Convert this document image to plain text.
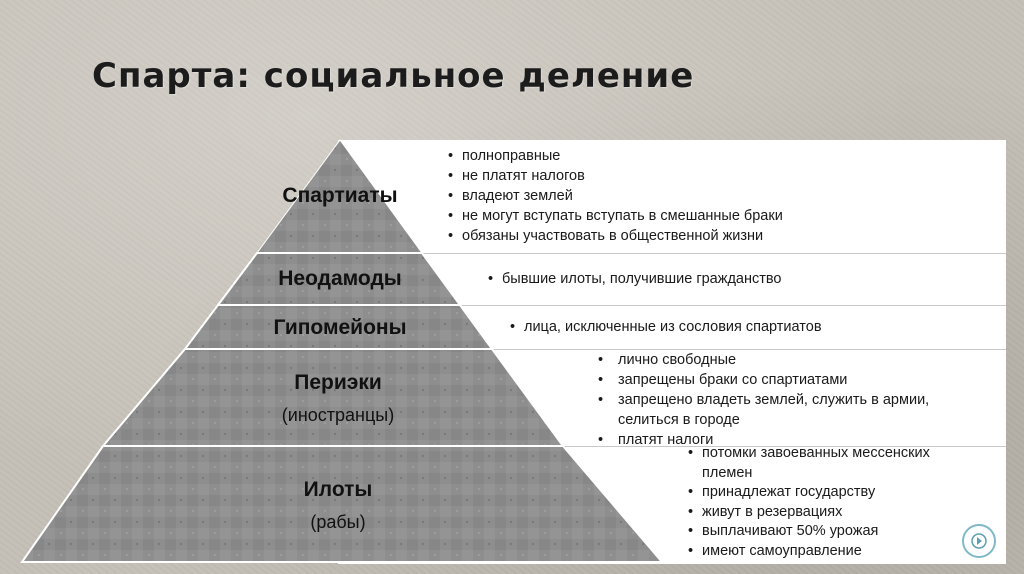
Спарта: социальное деление
Спартиаты
Неодамоды
Гипомейоны
Периэки
(иностранцы)
Илоты
(рабы)
• полноправные
• не платят налогов
• владеют землей
• не могут вступать вступать в смешанные браки
• обязаны участвовать в общественной жизни
• бывшие илоты, получившие гражданство
• лица, исключенные из сословия спартиатов
• лично свободные
• запрещены браки со спартиатами
• запрещено владеть землей, служить в армии, селиться в городе
• платят налоги
• потомки завоеванных мессенских племен
• принадлежат государству
• живут в резервациях
• выплачивают 50% урожая
• имеют самоуправление
